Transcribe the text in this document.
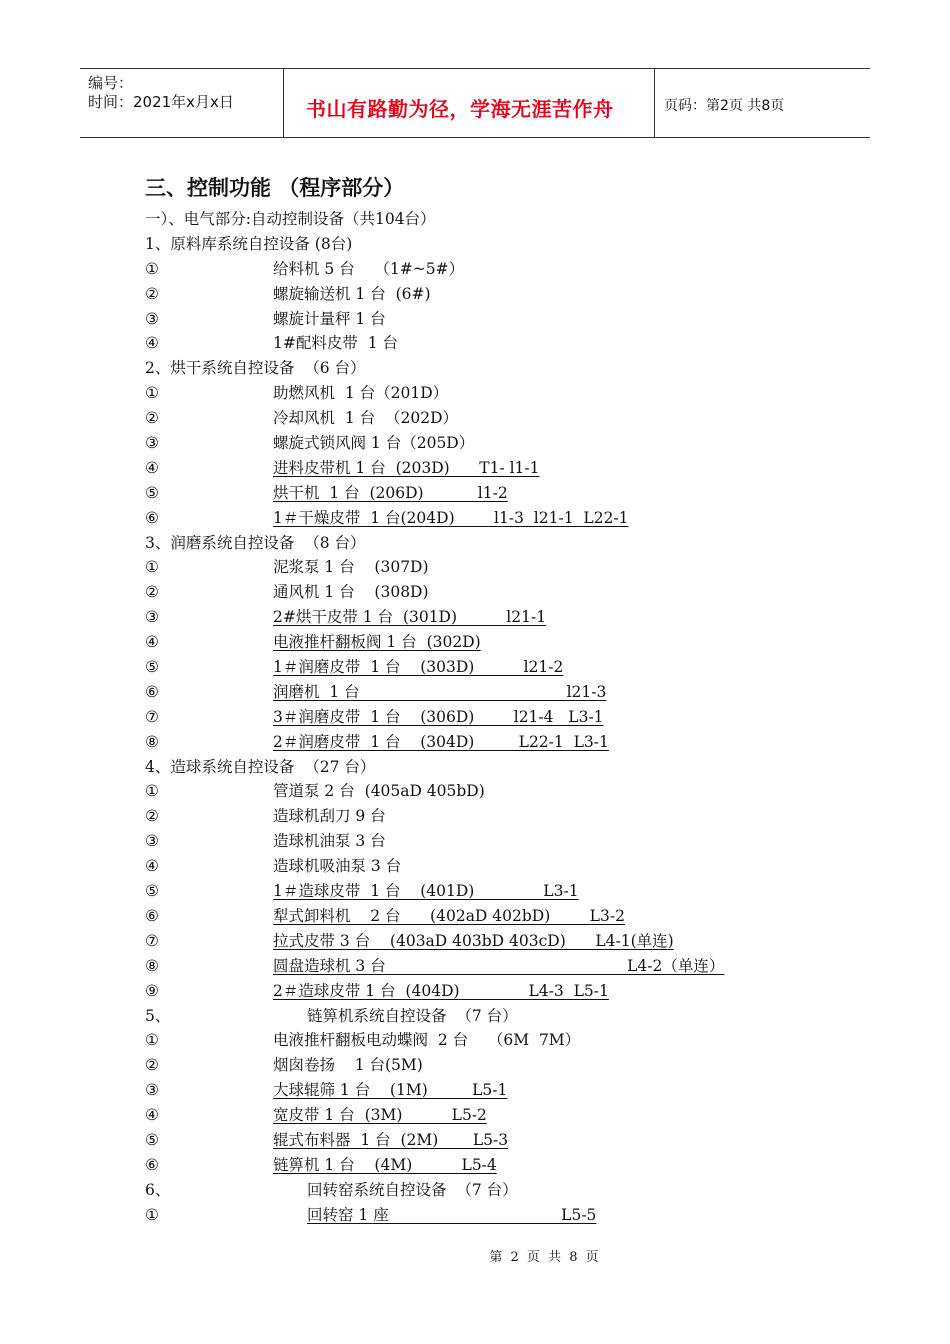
编号：
时间：2021年x月x日	书山有路勤为径，学海无涯苦作舟	页码：第2页 共8页
三、控制功能 （程序部分）
一）、电气部分:自动控制设备（共104台）
1、原料库系统自控设备 (8台)
①	给料机 5 台    （1#~5#）
②	螺旋输送机 1 台  (6#)
③	螺旋计量秤 1 台
④	1#配料皮带  1 台
2、烘干系统自控设备  （6 台）
①	助燃风机  1 台（201D）
②	冷却风机  1 台  （202D）
③	螺旋式锁风阀 1 台（205D）
④	进料皮带机 1 台  (203D)      T1- l1-1
⑤	烘干机  1 台  (206D)           l1-2
⑥	1＃干燥皮带  1 台(204D)        l1-3  l21-1  L22-1
3、润磨系统自控设备  （8 台）
①	泥浆泵 1 台    (307D)
②	通风机 1 台    (308D)
③	2#烘干皮带 1 台  (301D)          l21-1
④	电液推杆翻板阀 1 台  (302D)
⑤	1＃润磨皮带  1 台    (303D)          l21-2
⑥	润磨机  1 台                                          l21-3
⑦	3＃润磨皮带  1 台    (306D)        l21-4   L3-1
⑧	2＃润磨皮带  1 台    (304D)         L22-1  L3-1
4、造球系统自控设备  （27 台）
①	管道泵 2 台  (405aD 405bD)
②	造球机刮刀 9 台
③	造球机油泵 3 台
④	造球机吸油泵 3 台
⑤	1＃造球皮带  1 台    (401D)              L3-1
⑥	犁式卸料机    2 台      (402aD 402bD)        L3-2
⑦	拉式皮带 3 台    (403aD 403bD 403cD)      L4-1(单连)
⑧	圆盘造球机 3 台                                                 L4-2（单连）
⑨	2＃造球皮带 1 台  (404D)              L4-3  L5-1
5、	链箅机系统自控设备  （7 台）
①	电液推杆翻板电动蝶阀  2 台    （6M  7M）
②	烟囱卷扬    1 台(5M)
③	大球辊筛 1 台    (1M)         L5-1
④	宽皮带 1 台  (3M)          L5-2
⑤	辊式布料器  1 台  (2M)       L5-3
⑥	链箅机 1 台    (4M)          L5-4
6、	回转窑系统自控设备  （7 台）
①	回转窑 1 座                                   L5-5
第 2 页 共 8 页
